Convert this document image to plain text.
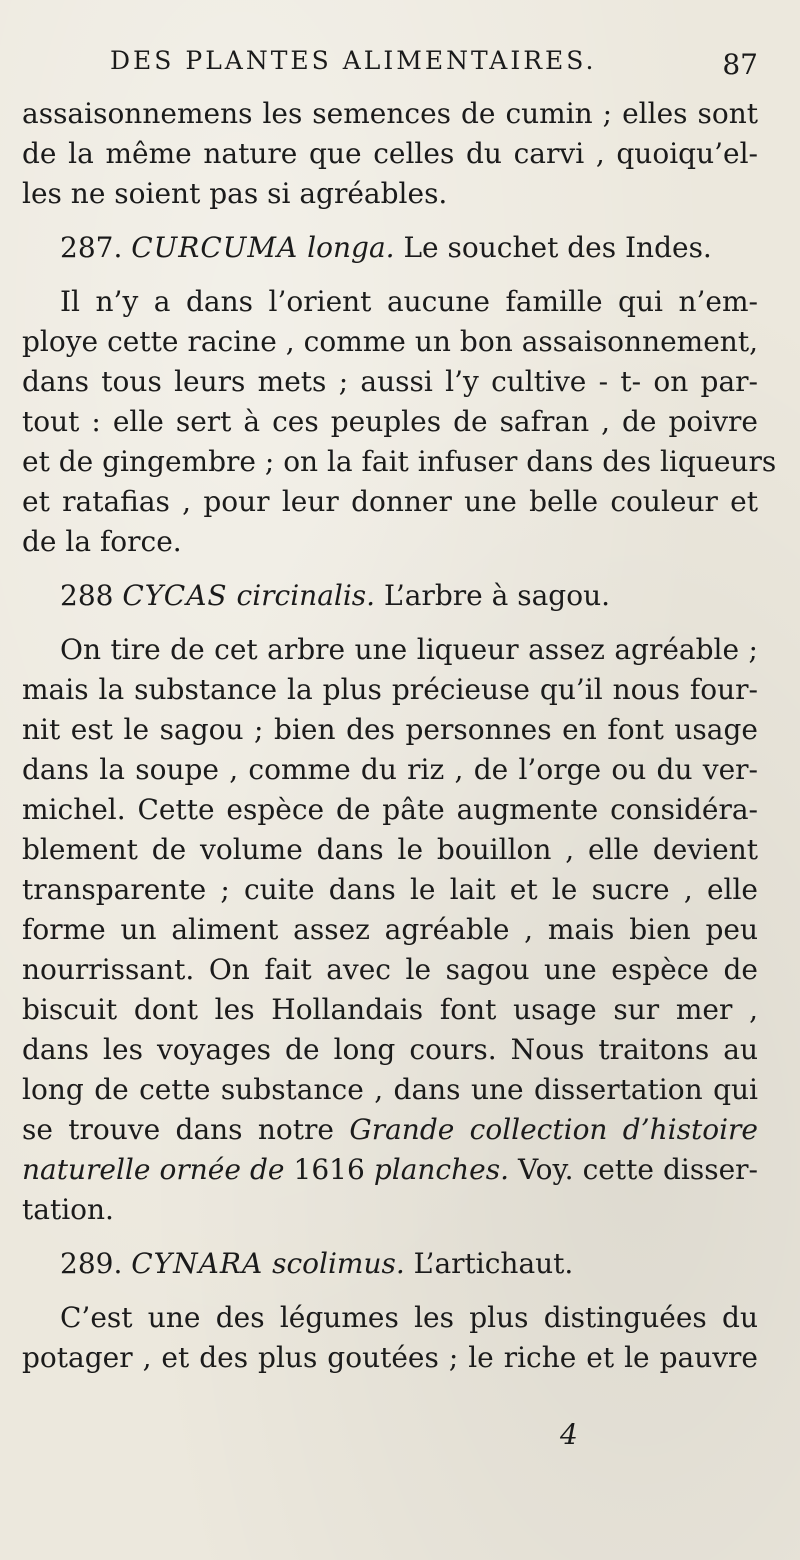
DES PLANTES ALIMENTAIRES.	87
assaisonnemens les semences de cumin ; elles sont
de la même nature que celles du carvi , quoiqu’el-
les ne soient pas si agréables.
287. CURCUMA longa. Le souchet des Indes.
Il n’y a dans l’orient aucune famille qui n’em-
ploye cette racine , comme un bon assaisonnement,
dans tous leurs mets ; aussi l’y cultive - t- on par-
tout : elle sert à ces peuples de safran , de poivre
et de gingembre ; on la fait infuser dans des liqueurs
et ratafias , pour leur donner une belle couleur et
de la force.
288 CYCAS circinalis. L’arbre à sagou.
On tire de cet arbre une liqueur assez agréable ;
mais la substance la plus précieuse qu’il nous four-
nit est le sagou ; bien des personnes en font usage
dans la soupe , comme du riz , de l’orge ou du ver-
michel. Cette espèce de pâte augmente considéra-
blement de volume dans le bouillon , elle devient
transparente ; cuite dans le lait et le sucre , elle
forme un aliment assez agréable , mais bien peu
nourrissant. On fait avec le sagou une espèce de
biscuit dont les Hollandais font usage sur mer ,
dans les voyages de long cours. Nous traitons au
long de cette substance , dans une dissertation qui
se trouve dans notre Grande collection d’histoire
naturelle ornée de 1616 planches. Voy. cette disser-
tation.
289. CYNARA scolimus. L’artichaut.
C’est une des légumes les plus distinguées du
potager , et des plus goutées ; le riche et le pauvre
4
